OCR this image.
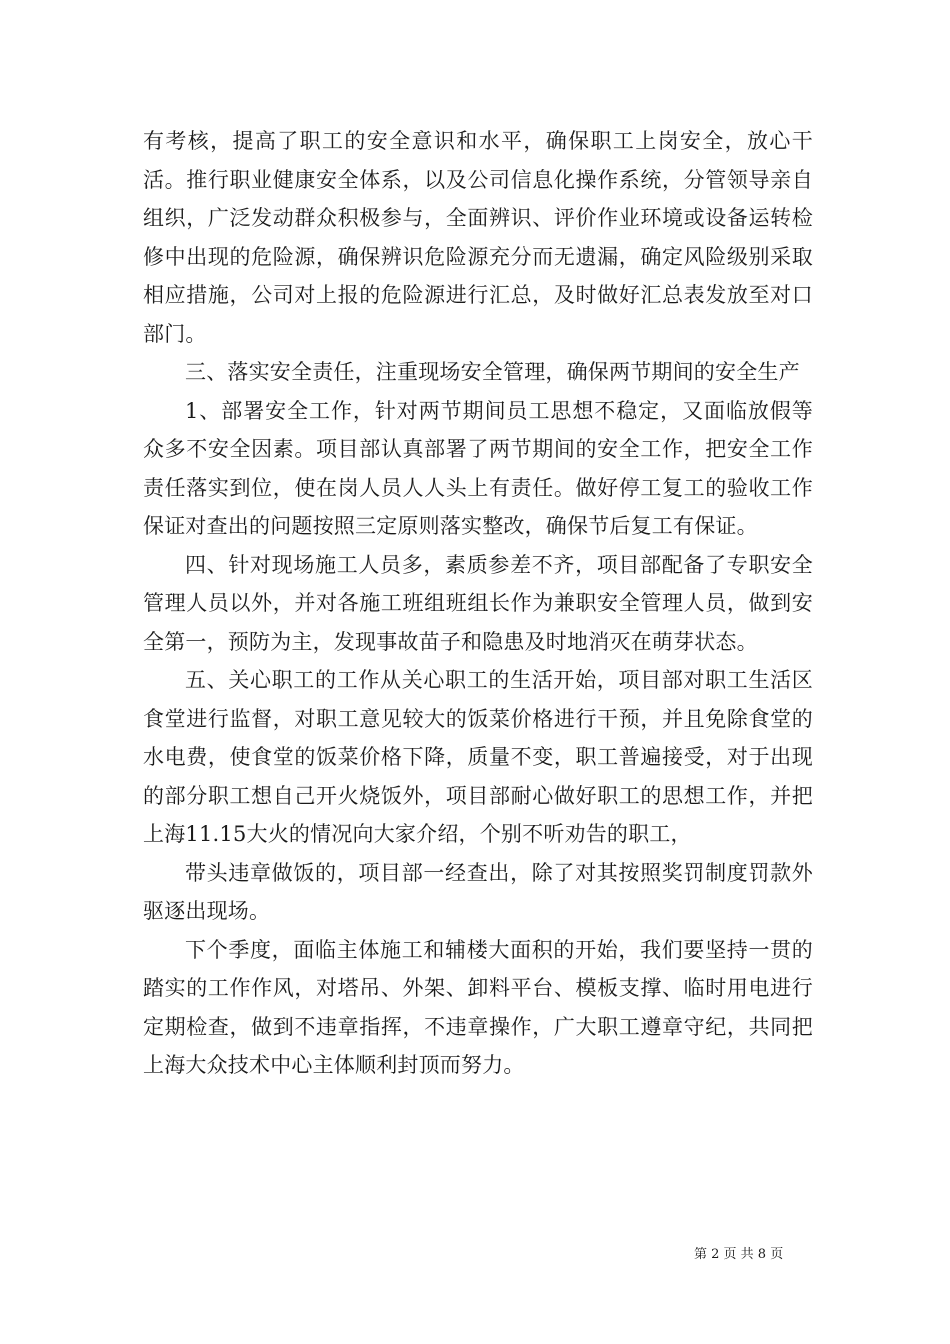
有考核，提高了职工的安全意识和水平，确保职工上岗安全，放心干活。推行职业健康安全体系，以及公司信息化操作系统，分管领导亲自组织，广泛发动群众积极参与，全面辨识、评价作业环境或设备运转检修中出现的危险源，确保辨识危险源充分而无遗漏，确定风险级别采取相应措施，公司对上报的危险源进行汇总，及时做好汇总表发放至对口部门。

三、落实安全责任，注重现场安全管理，确保两节期间的安全生产

1、部署安全工作，针对两节期间员工思想不稳定，又面临放假等众多不安全因素。项目部认真部署了两节期间的安全工作，把安全工作责任落实到位，使在岗人员人人头上有责任。做好停工复工的验收工作保证对查出的问题按照三定原则落实整改，确保节后复工有保证。

四、针对现场施工人员多，素质参差不齐，项目部配备了专职安全管理人员以外，并对各施工班组班组长作为兼职安全管理人员，做到安全第一，预防为主，发现事故苗子和隐患及时地消灭在萌芽状态。

五、关心职工的工作从关心职工的生活开始，项目部对职工生活区食堂进行监督，对职工意见较大的饭菜价格进行干预，并且免除食堂的水电费，使食堂的饭菜价格下降，质量不变，职工普遍接受，对于出现的部分职工想自己开火烧饭外，项目部耐心做好职工的思想工作，并把上海11.15大火的情况向大家介绍，个别不听劝告的职工，

带头违章做饭的，项目部一经查出，除了对其按照奖罚制度罚款外驱逐出现场。

下个季度，面临主体施工和辅楼大面积的开始，我们要坚持一贯的踏实的工作作风，对塔吊、外架、卸料平台、模板支撑、临时用电进行定期检查，做到不违章指挥，不违章操作，广大职工遵章守纪，共同把上海大众技术中心主体顺利封顶而努力。

第 2 页 共 8 页
